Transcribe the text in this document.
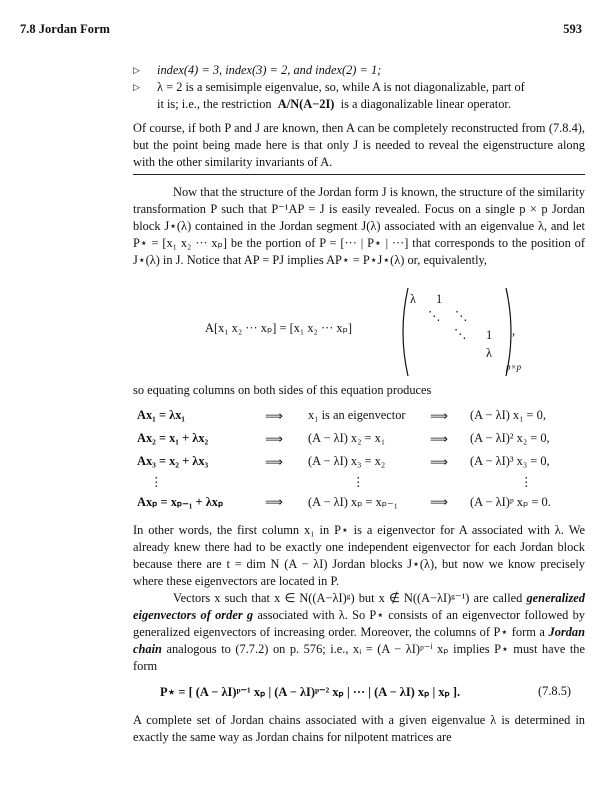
7.8 Jordan Form	593
▷ index(4) = 3, index(3) = 2, and index(2) = 1;
▷ λ = 2 is a semisimple eigenvalue, so, while A is not diagonalizable, part of
it is; i.e., the restriction A/N(A−2I) is a diagonalizable linear operator.
Of course, if both P and J are known, then A can be completely reconstructed from (7.8.4), but the point being made here is that only J is needed to reveal the eigenstructure along with the other similarity invariants of A.
Now that the structure of the Jordan form J is known, the structure of the similarity transformation P such that P⁻¹AP = J is easily revealed. Focus on a single p × p Jordan block J⋆(λ) contained in the Jordan segment J(λ) associated with an eigenvalue λ, and let P⋆ = [x₁ x₂ ··· xₚ] be the portion of P = [··· | P⋆ | ···] that corresponds to the position of J⋆(λ) in J. Notice that AP = PJ implies AP⋆ = P⋆J⋆(λ) or, equivalently,
A[x₁ x₂ ··· xₚ] = [x₁ x₂ ··· xₚ]
λ 1
⋱ ⋱
⋱ 1
λ
p×p
,
so equating columns on both sides of this equation produces
Ax₁ = λx₁	⟹ x₁ is an eigenvector ⟹ (A − λI) x₁ = 0,
Ax₂ = x₁ + λx₂	⟹ (A − λI) x₂ = x₁	⟹ (A − λI)² x₂ = 0,
Ax₃ = x₂ + λx₃	⟹ (A − λI) x₃ = x₂	⟹ (A − λI)³ x₃ = 0,
⋮	⋮	⋮
Axₚ = xₚ₋₁ + λxₚ	⟹ (A − λI) xₚ = xₚ₋₁	⟹ (A − λI)ᵖ xₚ = 0.
In other words, the first column x₁ in P⋆ is a eigenvector for A associated with λ. We already knew there had to be exactly one independent eigenvector for each Jordan block because there are t = dim N (A − λI) Jordan blocks J⋆(λ), but now we know precisely where these eigenvectors are located in P.
Vectors x such that x ∈ N((A−λI)ᵍ) but x ∉ N((A−λI)ᵍ⁻¹) are called generalized eigenvectors of order g associated with λ. So P⋆ consists of an eigenvector followed by generalized eigenvectors of increasing order. Moreover, the columns of P⋆ form a Jordan chain analogous to (7.7.2) on p. 576; i.e., xᵢ = (A − λI)ᵖ⁻ⁱ xₚ implies P⋆ must have the form
P⋆ = [ (A − λI)ᵖ⁻¹ xₚ | (A − λI)ᵖ⁻² xₚ | ··· | (A − λI) xₚ | xₚ ].	(7.8.5)
A complete set of Jordan chains associated with a given eigenvalue λ is determined in exactly the same way as Jordan chains for nilpotent matrices are
